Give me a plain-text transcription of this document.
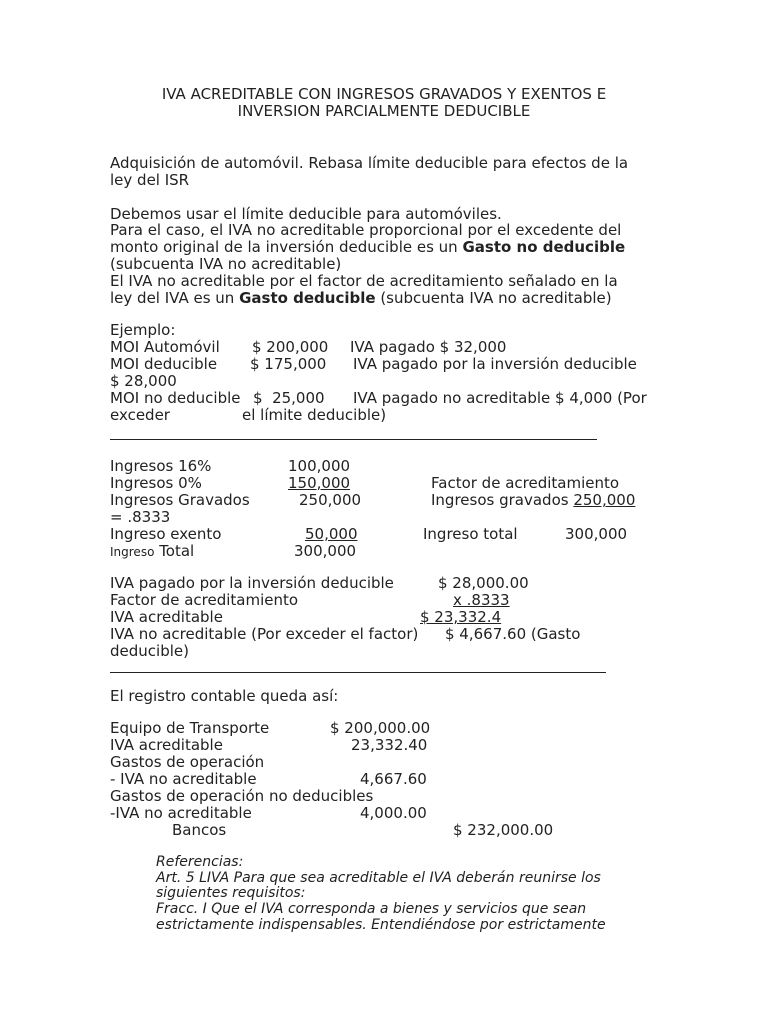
IVA ACREDITABLE CON INGRESOS GRAVADOS Y EXENTOS E
INVERSION PARCIALMENTE DEDUCIBLE
Adquisición de automóvil. Rebasa límite deducible para efectos de la
ley del ISR
Debemos usar el límite deducible para automóviles.
Para el caso, el IVA no acreditable proporcional por el excedente del
monto original de la inversión deducible es un Gasto no deducible
(subcuenta IVA no acreditable)
El IVA no acreditable por el factor de acreditamiento señalado en la
ley del IVA es un Gasto deducible (subcuenta IVA no acreditable)
Ejemplo:
MOI Automóvil $ 200,000 IVA pagado $ 32,000
MOI deducible $ 175,000 IVA pagado por la inversión deducible
$ 28,000
MOI no deducible $  25,000 IVA pagado no acreditable $ 4,000 (Por
exceder	el límite deducible)
Ingresos 16%	100,000
Ingresos 0%	150,000	Factor de acreditamiento
Ingresos Gravados	250,000	Ingresos gravados 250,000
= .8333
Ingreso exento	50,000	Ingreso total	300,000
Ingreso Total	300,000
IVA pagado por la inversión deducible	$ 28,000.00
Factor de acreditamiento	x .8333
IVA acreditable	$ 23,332.4
IVA no acreditable (Por exceder el factor) $ 4,667.60 (Gasto
deducible)
El registro contable queda así:
Equipo de Transporte	$ 200,000.00
IVA acreditable	23,332.40
Gastos de operación
- IVA no acreditable	4,667.60
Gastos de operación no deducibles
-IVA no acreditable	4,000.00
Bancos	$ 232,000.00
Referencias:
Art. 5 LIVA Para que sea acreditable el IVA deberán reunirse los
siguientes requisitos:
Fracc. I Que el IVA corresponda a bienes y servicios que sean
estrictamente indispensables. Entendiéndose por estrictamente
